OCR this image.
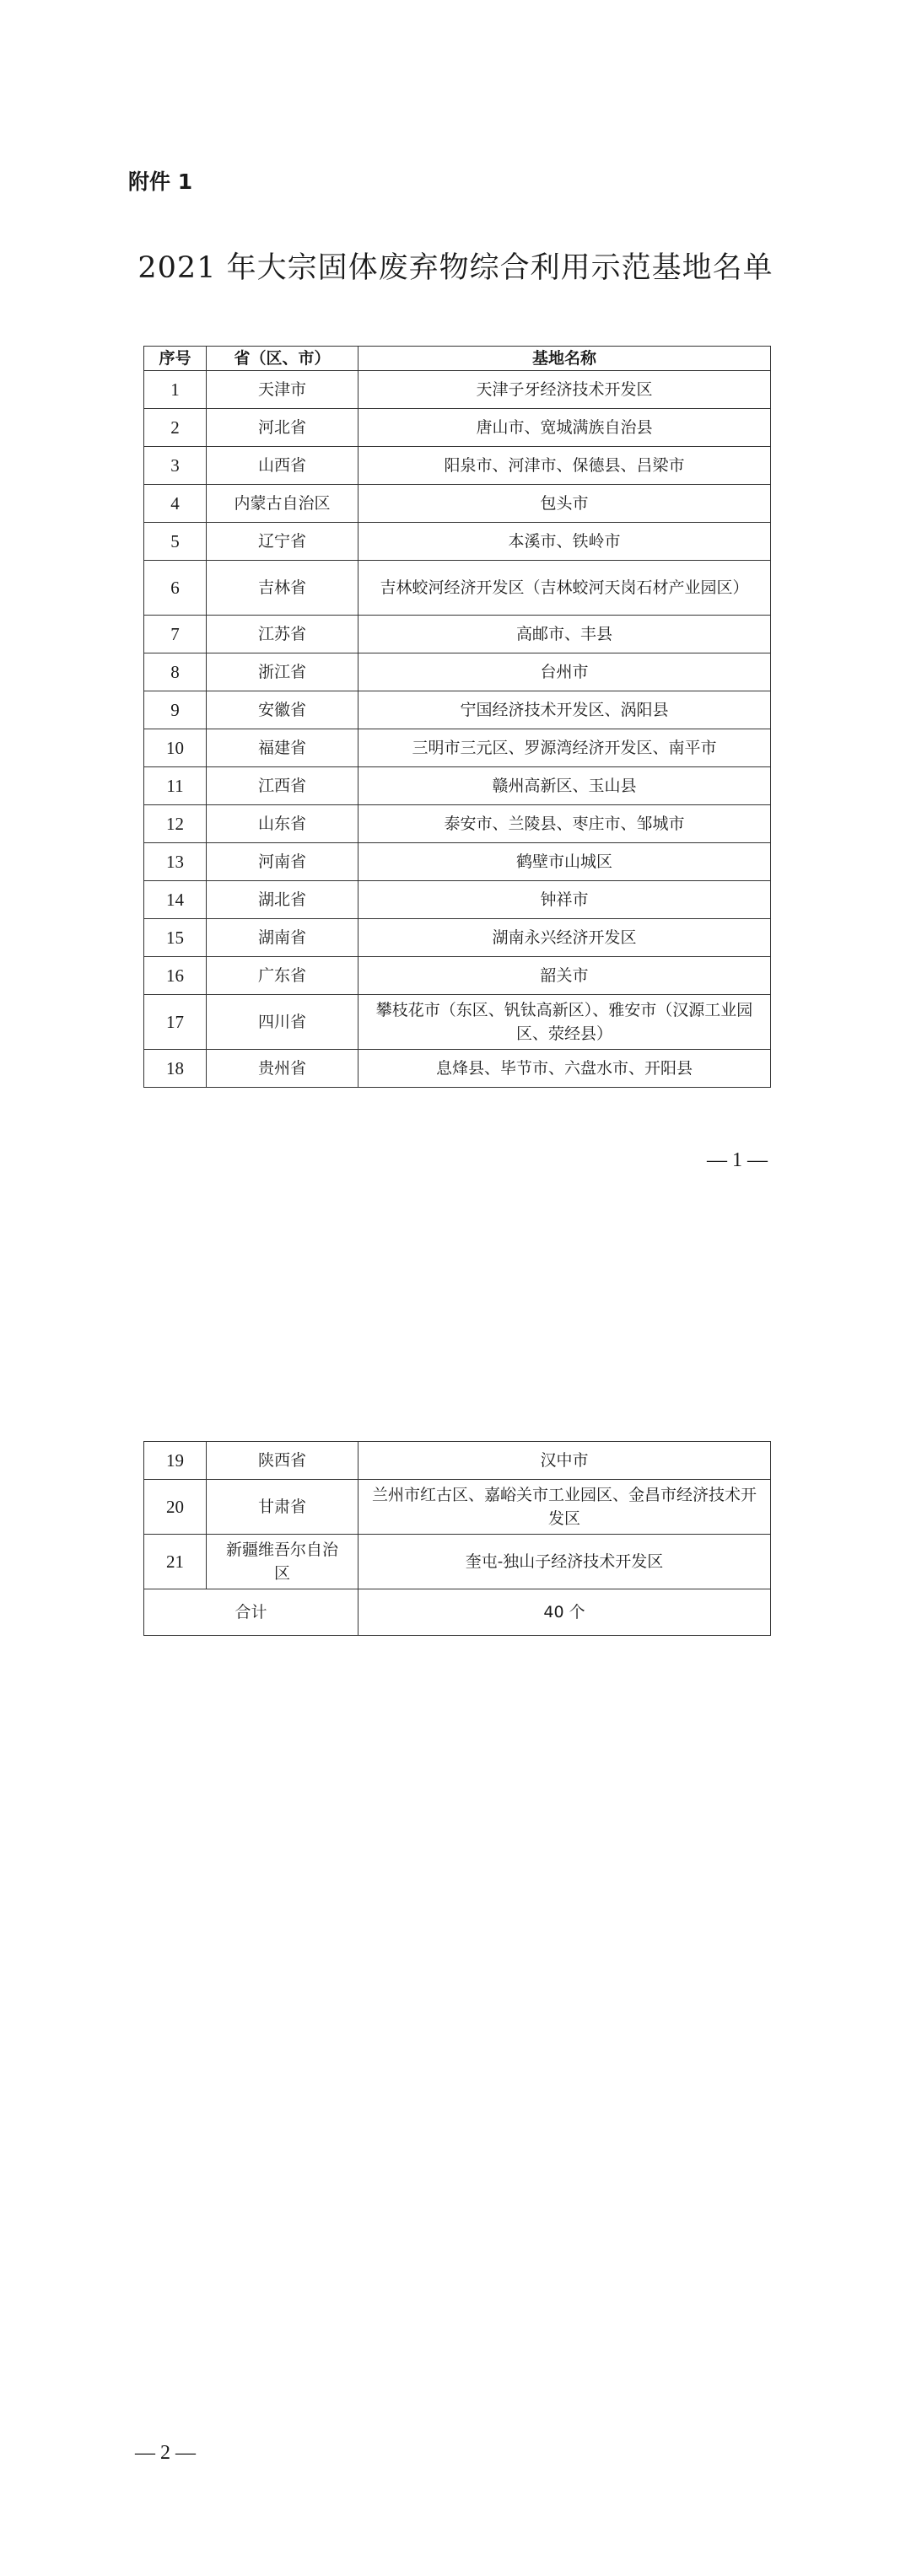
附件 1
2021 年大宗固体废弃物综合利用示范基地名单
序号	省（区、市）	基地名称
1	天津市	天津子牙经济技术开发区
2	河北省	唐山市、宽城满族自治县
3	山西省	阳泉市、河津市、保德县、吕梁市
4	内蒙古自治区	包头市
5	辽宁省	本溪市、铁岭市
6	吉林省	吉林蛟河经济开发区（吉林蛟河天岗石材产业园区）
7	江苏省	高邮市、丰县
8	浙江省	台州市
9	安徽省	宁国经济技术开发区、涡阳县
10	福建省	三明市三元区、罗源湾经济开发区、南平市
11	江西省	赣州高新区、玉山县
12	山东省	泰安市、兰陵县、枣庄市、邹城市
13	河南省	鹤壁市山城区
14	湖北省	钟祥市
15	湖南省	湖南永兴经济开发区
16	广东省	韶关市
17	四川省	攀枝花市（东区、钒钛高新区）、雅安市（汉源工业园区、荥经县）
18	贵州省	息烽县、毕节市、六盘水市、开阳县
— 1 —
19	陕西省	汉中市
20	甘肃省	兰州市红古区、嘉峪关市工业园区、金昌市经济技术开发区
21	新疆维吾尔自治区	奎屯-独山子经济技术开发区
合计		40 个
— 2 —
